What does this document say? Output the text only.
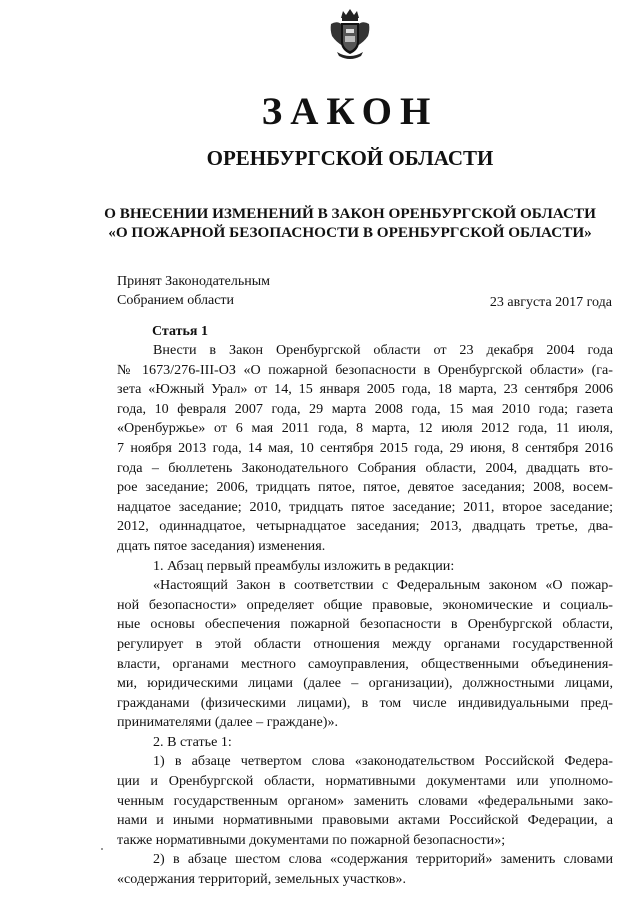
ЗАКОН
ОРЕНБУРГСКОЙ ОБЛАСТИ
О ВНЕСЕНИИ ИЗМЕНЕНИЙ В ЗАКОН ОРЕНБУРГСКОЙ ОБЛАСТИ
«О ПОЖАРНОЙ БЕЗОПАСНОСТИ В ОРЕНБУРГСКОЙ ОБЛАСТИ»
Принят Законодательным
Собранием области	23 августа 2017 года
Статья 1

Внести в Закон Оренбургской области от 23 декабря 2004 года

№ 1673/276-III-ОЗ «О пожарной безопасности в Оренбургской области» (га-
зета «Южный Урал» от 14, 15 января 2005 года, 18 марта, 23 сентября 2006
года, 10 февраля 2007 года, 29 марта 2008 года, 15 мая 2010 года; газета
«Оренбуржье» от 6 мая 2011 года, 8 марта, 12 июля 2012 года, 11 июля,
7 ноября 2013 года, 14 мая, 10 сентября 2015 года, 29 июня, 8 сентября 2016
года – бюллетень Законодательного Собрания области, 2004, двадцать вто-
рое заседание; 2006, тридцать пятое, пятое, девятое заседания; 2008, восем-
надцатое заседание; 2010, тридцать пятое заседание; 2011, второе заседание;
2012, одиннадцатое, четырнадцатое заседания; 2013, двадцать третье, два-
дцать пятое заседания) изменения.

1. Абзац первый преамбулы изложить в редакции:

«Настоящий Закон в соответствии с Федеральным законом «О пожар-
ной безопасности» определяет общие правовые, экономические и социаль-
ные основы обеспечения пожарной безопасности в Оренбургской области,
регулирует в этой области отношения между органами государственной
власти, органами местного самоуправления, общественными объединения-
ми, юридическими лицами (далее – организации), должностными лицами,
гражданами (физическими лицами), в том числе индивидуальными пред-
принимателями (далее – граждане)».

2. В статье 1:

1) в абзаце четвертом слова «законодательством Российской Федера-
ции и Оренбургской области, нормативными документами или уполномо-
ченным государственным органом» заменить словами «федеральными зако-
нами и иными нормативными правовыми актами Российской Федерации, а
также нормативными документами по пожарной безопасности»;

2) в абзаце шестом слова «содержания территорий» заменить словами
«содержания территорий, земельных участков».
